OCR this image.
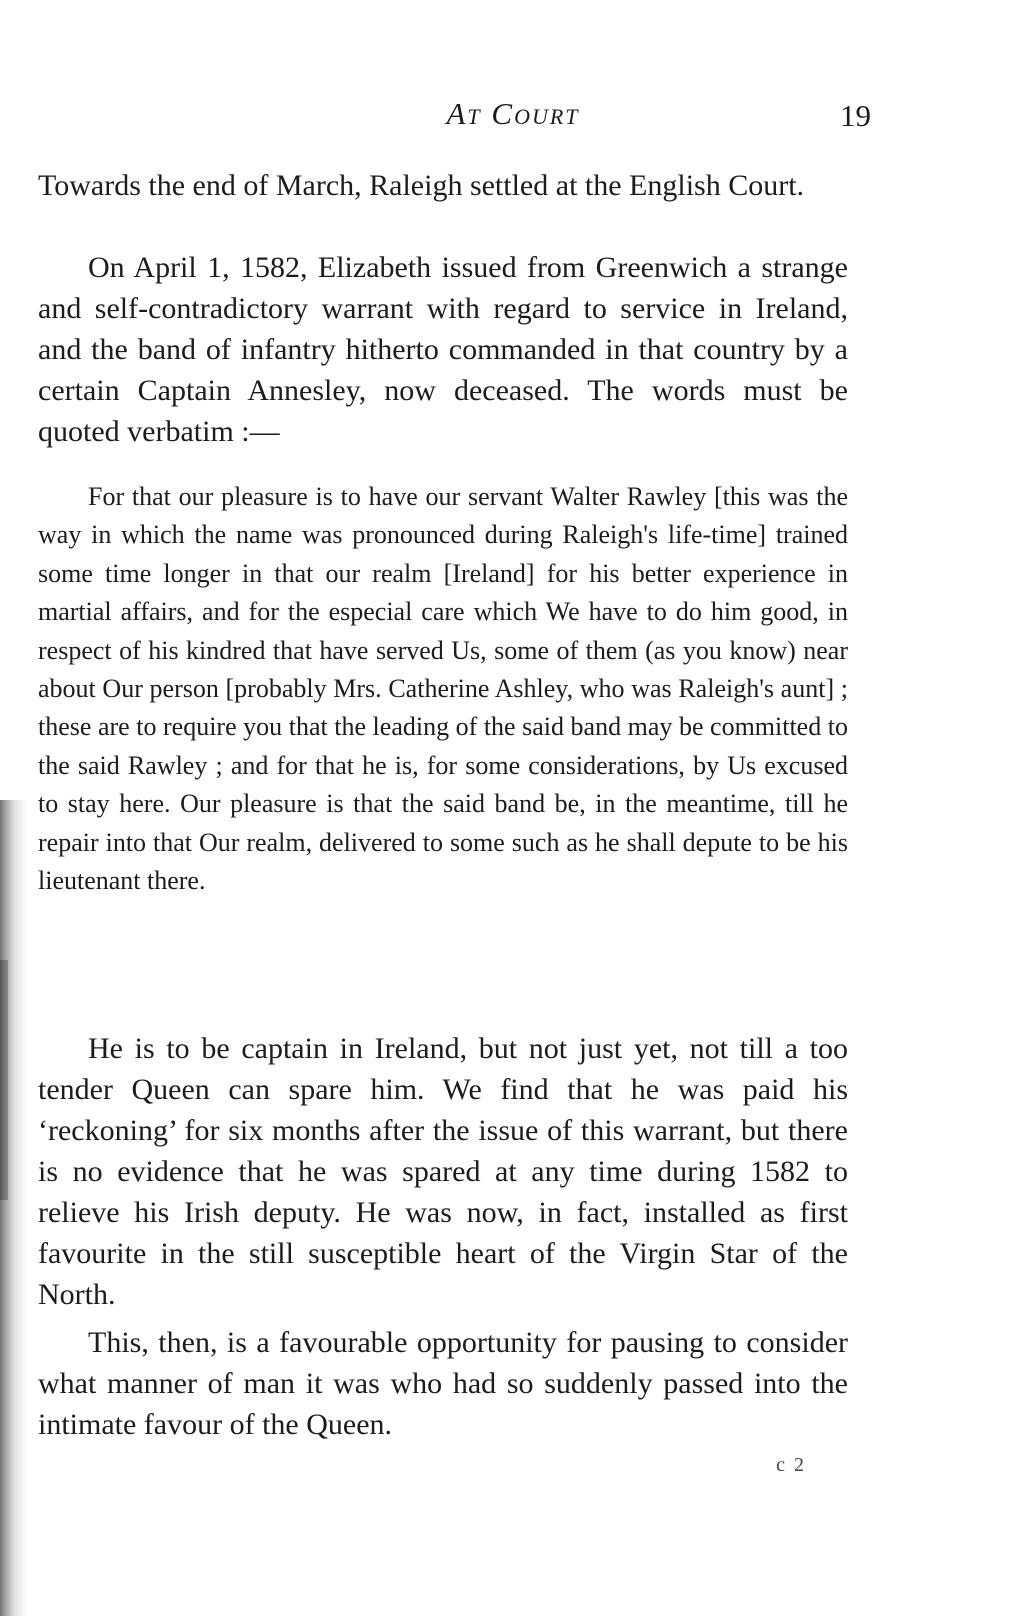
At Court	19

Towards the end of March, Raleigh settled at the English Court.

On April 1, 1582, Elizabeth issued from Greenwich a strange and self-contradictory warrant with regard to service in Ireland, and the band of infantry hitherto commanded in that country by a certain Captain Annesley, now deceased. The words must be quoted verbatim :—

For that our pleasure is to have our servant Walter Rawley [this was the way in which the name was pronounced during Raleigh's life-time] trained some time longer in that our realm [Ireland] for his better experience in martial affairs, and for the especial care which We have to do him good, in respect of his kindred that have served Us, some of them (as you know) near about Our person [probably Mrs. Catherine Ashley, who was Raleigh's aunt] ; these are to require you that the leading of the said band may be committed to the said Rawley ; and for that he is, for some considerations, by Us excused to stay here. Our pleasure is that the said band be, in the meantime, till he repair into that Our realm, delivered to some such as he shall depute to be his lieutenant there.

He is to be captain in Ireland, but not just yet, not till a too tender Queen can spare him. We find that he was paid his ‘reckoning’ for six months after the issue of this warrant, but there is no evidence that he was spared at any time during 1582 to relieve his Irish deputy. He was now, in fact, installed as first favourite in the still susceptible heart of the Virgin Star of the North.

This, then, is a favourable opportunity for pausing to consider what manner of man it was who had so suddenly passed into the intimate favour of the Queen.

c 2
